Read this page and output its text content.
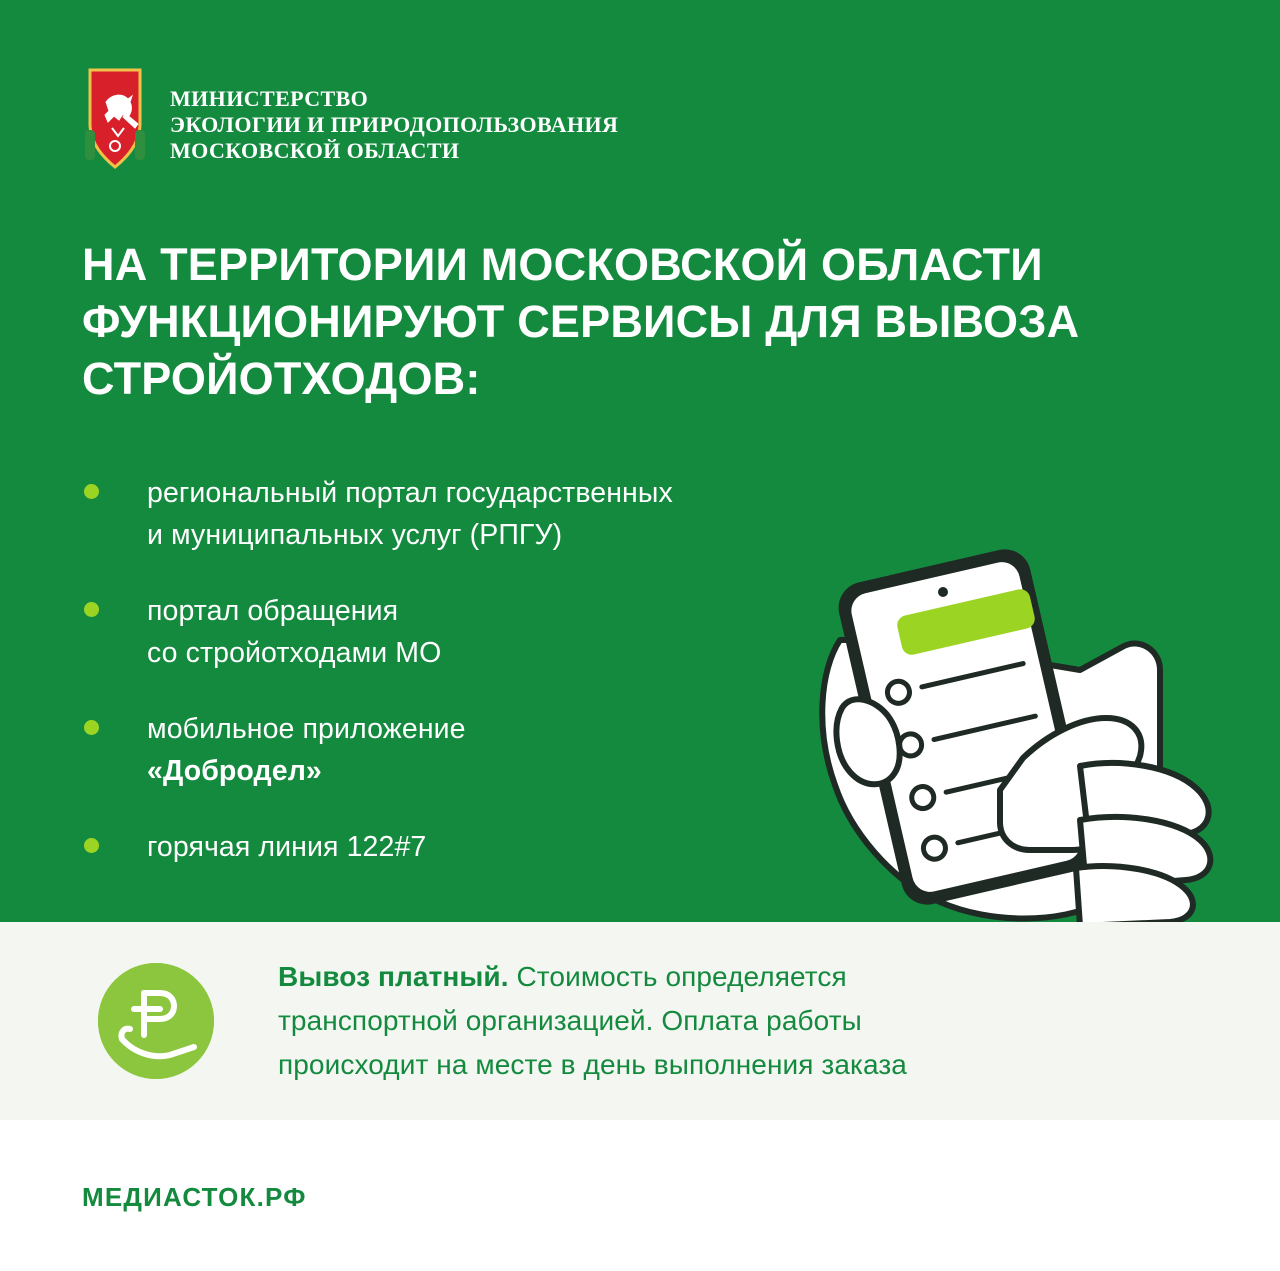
МИНИСТЕРСТВО
ЭКОЛОГИИ И ПРИРОДОПОЛЬЗОВАНИЯ
МОСКОВСКОЙ ОБЛАСТИ
НА ТЕРРИТОРИИ МОСКОВСКОЙ ОБЛАСТИ ФУНКЦИОНИРУЮТ СЕРВИСЫ ДЛЯ ВЫВОЗА СТРОЙОТХОДОВ:
региональный портал государственных
и муниципальных услуг (РПГУ)
портал обращения
со стройотходами МО
мобильное приложение
«Добродел»
горячая линия 122#7
Вывоз платный. Стоимость определяется
транспортной организацией. Оплата работы
происходит на месте в день выполнения заказа
МЕДИАСТОК.РФ
